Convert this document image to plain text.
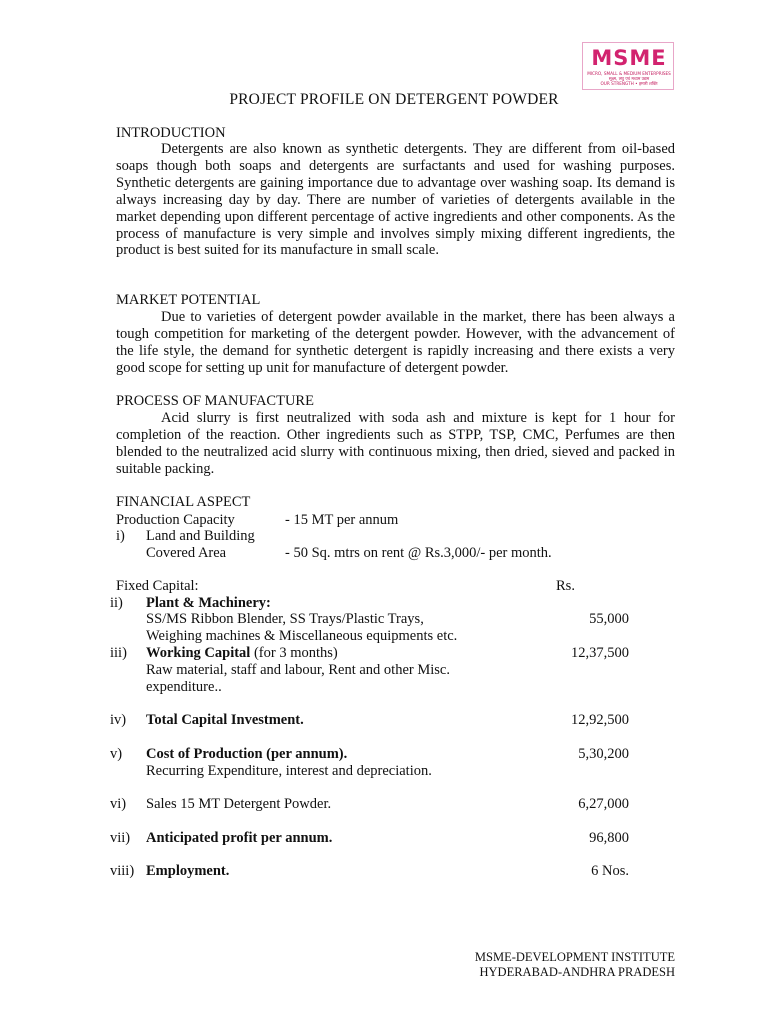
MSME
MICRO, SMALL & MEDIUM ENTERPRISES
सूक्ष्म, लघु एवं मध्यम उद्यम
OUR STRENGTH • हमारी शक्ति
PROJECT PROFILE ON DETERGENT POWDER
INTRODUCTION
Detergents are also known as synthetic detergents. They are different from oil-based soaps though both soaps and detergents are surfactants and used for washing purposes. Synthetic detergents are gaining importance due to advantage over washing soap. Its demand is always increasing day by day. There are number of varieties of detergents available in the market depending upon different percentage of active ingredients and other components. As the process of manufacture is very simple and involves simply mixing different ingredients, the product is best suited for its manufacture in small scale.
MARKET POTENTIAL
Due to varieties of detergent powder available in the market, there has been always a tough competition for marketing of the detergent powder. However, with the advancement of the life style, the demand for synthetic detergent is rapidly increasing and there exists a very good scope for setting up unit for manufacture of detergent powder.
PROCESS OF MANUFACTURE
Acid slurry is first neutralized with soda ash and mixture is kept for 1 hour for completion of the reaction. Other ingredients such as STPP, TSP, CMC, Perfumes are then blended to the neutralized acid slurry with continuous mixing, then dried, sieved and packed in suitable packing.
FINANCIAL ASPECT
Production Capacity	- 15 MT per annum
i) Land and Building
Covered Area	- 50 Sq. mtrs on rent @ Rs.3,000/- per month.
Fixed Capital:	Rs.
ii) Plant & Machinery:
SS/MS Ribbon Blender, SS Trays/Plastic Trays,	55,000
Weighing machines & Miscellaneous equipments etc.
iii) Working Capital (for 3 months)	12,37,500
Raw material, staff and labour, Rent and other Misc.
expenditure..
iv) Total Capital Investment.	12,92,500
v) Cost of Production (per annum).	5,30,200
Recurring Expenditure, interest and depreciation.
vi) Sales 15 MT Detergent Powder.	6,27,000
vii) Anticipated profit per annum.	96,800
viii) Employment.	6 Nos.
MSME-DEVELOPMENT INSTITUTE
HYDERABAD-ANDHRA PRADESH
